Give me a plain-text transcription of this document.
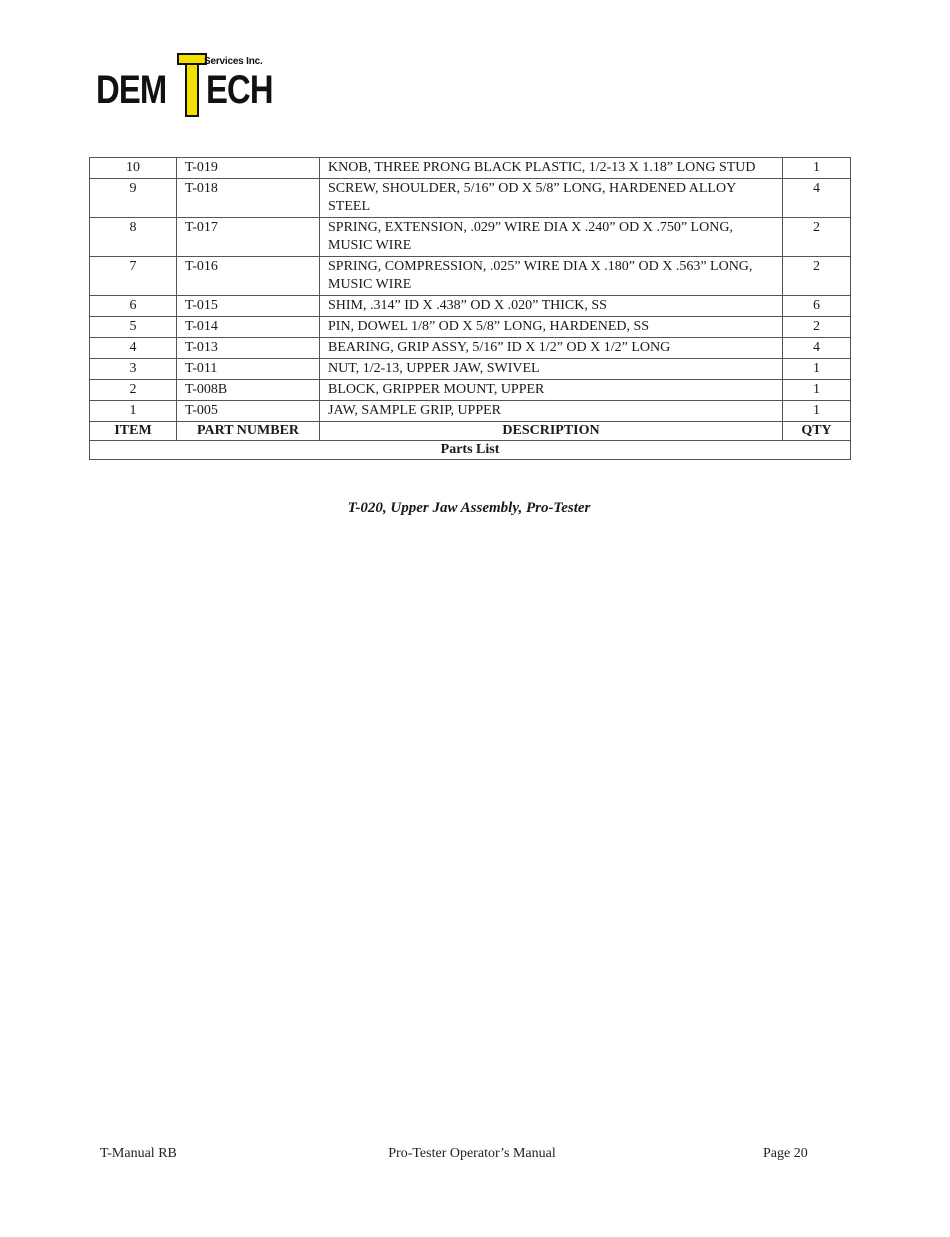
DEM ECH
Services Inc.
10	T-019	KNOB, THREE PRONG BLACK PLASTIC, 1/2-13 X 1.18” LONG STUD	1
9	T-018	SCREW, SHOULDER, 5/16” OD X 5/8” LONG, HARDENED ALLOY STEEL	4
8	T-017	SPRING, EXTENSION, .029” WIRE DIA X .240” OD X .750” LONG, MUSIC WIRE	2
7	T-016	SPRING, COMPRESSION, .025” WIRE DIA X .180” OD X .563” LONG, MUSIC WIRE	2
6	T-015	SHIM, .314” ID X .438” OD X .020” THICK, SS	6
5	T-014	PIN, DOWEL 1/8” OD X 5/8” LONG, HARDENED, SS	2
4	T-013	BEARING, GRIP ASSY, 5/16” ID X 1/2” OD X 1/2” LONG	4
3	T-011	NUT, 1/2-13, UPPER JAW, SWIVEL	1
2	T-008B	BLOCK, GRIPPER MOUNT, UPPER	1
1	T-005	JAW, SAMPLE GRIP, UPPER	1
ITEM	PART NUMBER	DESCRIPTION	QTY
Parts List			
T-020, Upper Jaw Assembly, Pro-Tester
T-Manual RB	Pro-Tester Operator’s Manual	Page 20
